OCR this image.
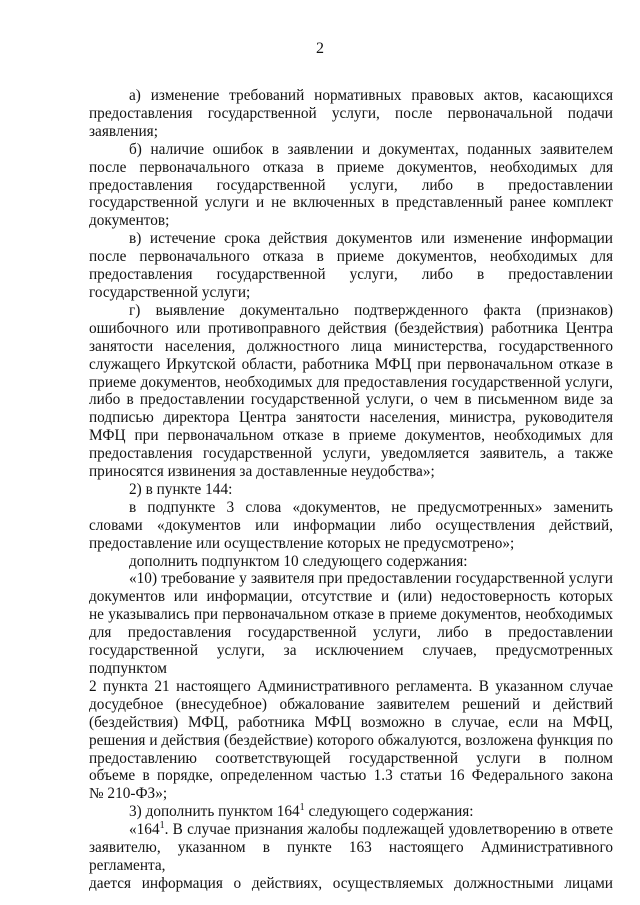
2

а) изменение требований нормативных правовых актов, касающихся

предоставления государственной услуги, после первоначальной подачи

заявления;

б) наличие ошибок в заявлении и документах, поданных заявителем

после первоначального отказа в приеме документов, необходимых для

предоставления государственной услуги, либо в предоставлении

государственной услуги и не включенных в представленный ранее комплект

документов;

в) истечение срока действия документов или изменение информации

после первоначального отказа в приеме документов, необходимых для

предоставления государственной услуги, либо в предоставлении

государственной услуги;

г) выявление документально подтвержденного факта (признаков)

ошибочного или противоправного действия (бездействия) работника Центра

занятости населения, должностного лица министерства, государственного

служащего Иркутской области, работника МФЦ при первоначальном отказе в

приеме документов, необходимых для предоставления государственной услуги,

либо в предоставлении государственной услуги, о чем в письменном виде за

подписью директора Центра занятости населения, министра, руководителя

МФЦ при первоначальном отказе в приеме документов, необходимых для

предоставления государственной услуги, уведомляется заявитель, а также

приносятся извинения за доставленные неудобства»;

2) в пункте 144:

в подпункте 3 слова «документов, не предусмотренных» заменить

словами «документов или информации либо осуществления действий,

предоставление или осуществление которых не предусмотрено»;

дополнить подпунктом 10 следующего содержания:

«10) требование у заявителя при предоставлении государственной услуги

документов или информации, отсутствие и (или) недостоверность которых

не указывались при первоначальном отказе в приеме документов, необходимых

для предоставления государственной услуги, либо в предоставлении

государственной услуги, за исключением случаев, предусмотренных подпунктом

2 пункта 21 настоящего Административного регламента. В указанном случае

досудебное (внесудебное) обжалование заявителем решений и действий

(бездействия) МФЦ, работника МФЦ возможно в случае, если на МФЦ,

решения и действия (бездействие) которого обжалуются, возложена функция по

предоставлению соответствующей государственной услуги в полном

объеме в порядке, определенном частью 1.3 статьи 16 Федерального закона

№ 210-ФЗ»;

3) дополнить пунктом $164^1$ следующего содержания:

«$164^1$. В случае признания жалобы подлежащей удовлетворению в ответе

заявителю, указанном в пункте 163 настоящего Административного регламента,

дается информация о действиях, осуществляемых должностными лицами
